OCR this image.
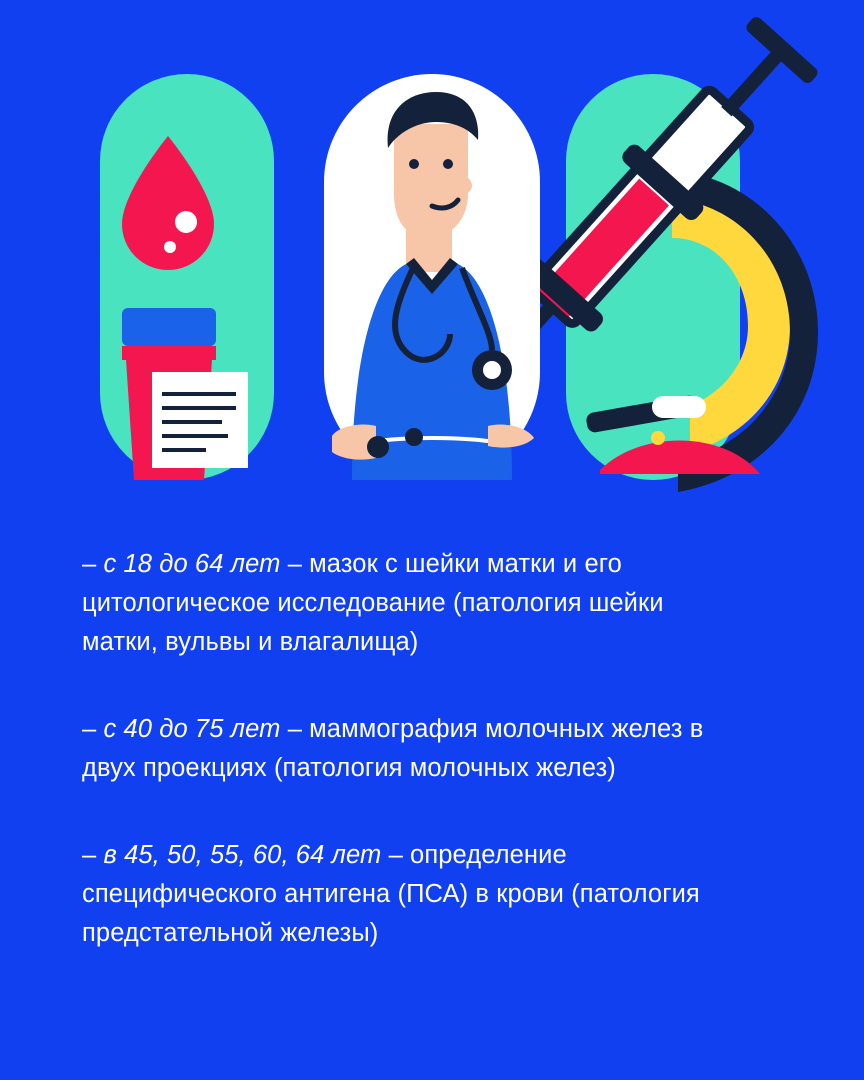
– с 18 до 64 лет – мазок с шейки матки и его цитологическое исследование (патология шейки матки, вульвы и влагалища)

– с 40 до 75 лет – маммография молочных желез в двух проекциях (патология молочных желез)

– в 45, 50, 55, 60, 64 лет – определение специфического антигена (ПСА) в крови (патология предстательной железы)
